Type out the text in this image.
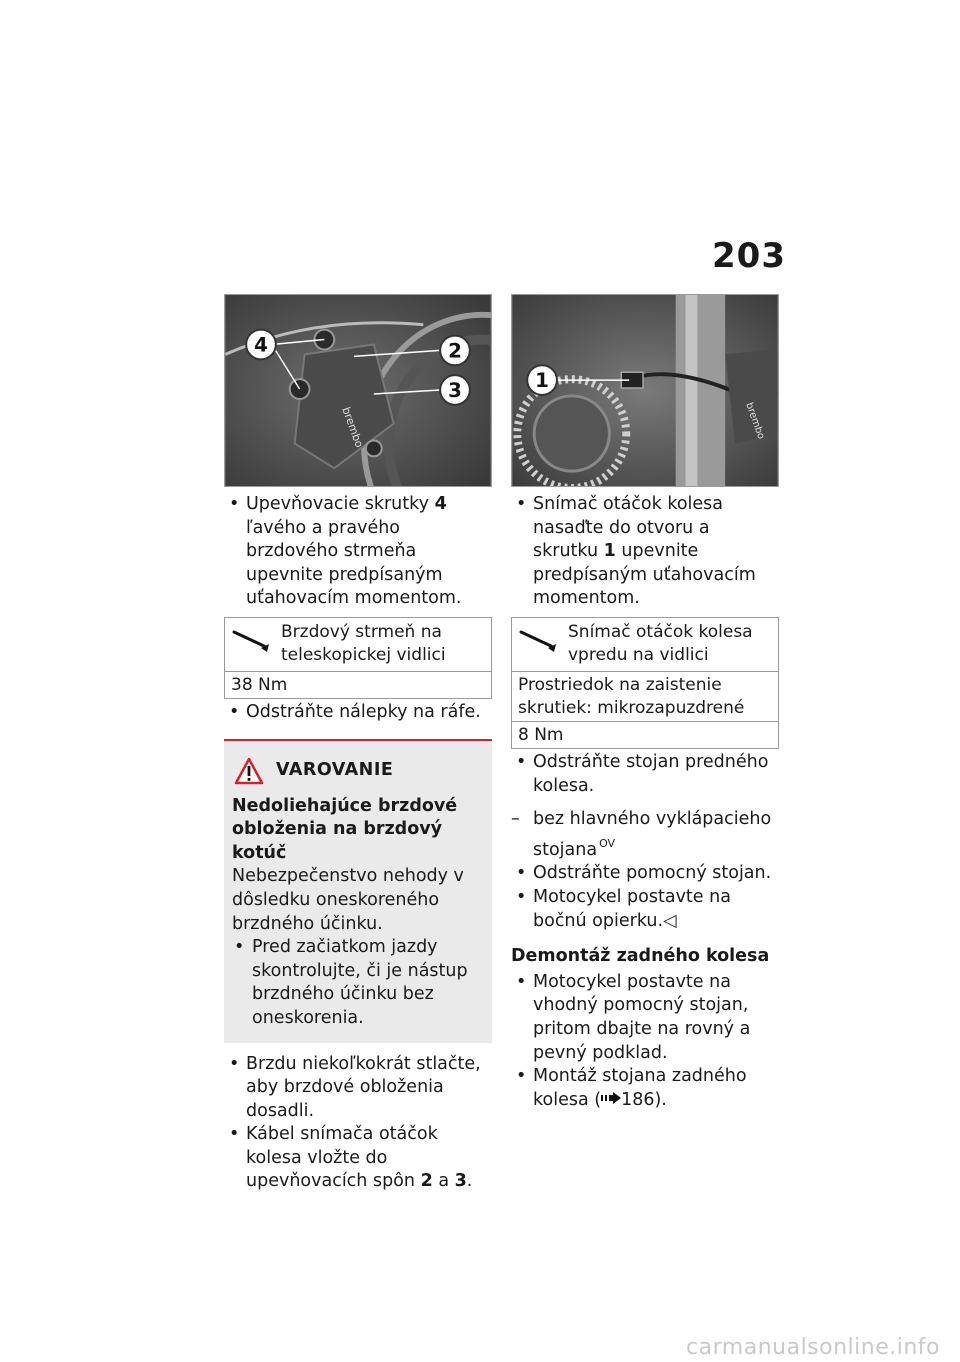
203
brembo
4	2
3

• Upevňovacie skrutky 4 ľavého a pravého brzdového strmeňa upevnite predpísaným uťahovacím momentom.

Brzdový strmeň na teleskopickej vidlici
38 Nm

• Odstráňte nálepky na ráfe.

VAROVANIE
Nedoliehajúce brzdové obloženia na brzdový kotúč
Nebezpečenstvo nehody v dôsledku oneskoreného brzdného účinku.

• Pred začiatkom jazdy skontrolujte, či je nástup brzdného účinku bez oneskorenia.

• Brzdu niekoľkokrát stlačte, aby brzdové obloženia dosadli.

• Kábel snímača otáčok kolesa vložte do upevňovacích spôn 2 a 3.

brembo
1

• Snímač otáčok kolesa nasaďte do otvoru a skrutku 1 upevnite predpísaným uťahovacím momentom.

Snímač otáčok kolesa vpredu na vidlici
Prostriedok na zaistenie skrutiek: mikrozapuzdrené
8 Nm

• Odstráňte stojan predného kolesa.

– bez hlavného vyklápacieho stojana $^{OV}$

• Odstráňte pomocný stojan.

• Motocykel postavte na bočnú opierku.◁

Demontáž zadného kolesa

• Motocykel postavte na vhodný pomocný stojan, pritom dbajte na rovný a pevný podklad.

• Montáž stojana zadného kolesa ( 186).

carmanualsonline.info
